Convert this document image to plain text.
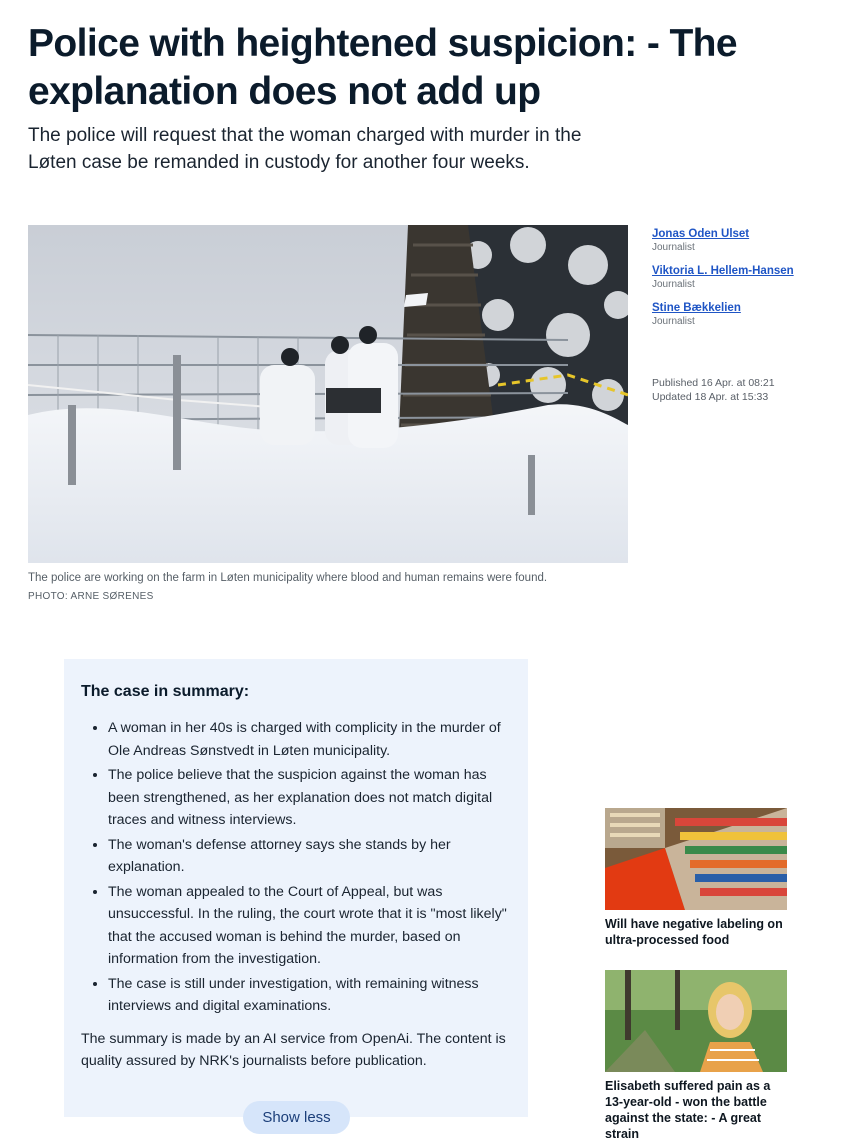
Police with heightened suspicion: - The explanation does not add up

The police will request that the woman charged with murder in the Løten case be remanded in custody for another four weeks.

The police are working on the farm in Løten municipality where blood and human remains were found.
PHOTO: ARNE SØRENES
Jonas Oden Ulset
Journalist
Viktoria L. Hellem-Hansen
Journalist
Stine Bækkelien
Journalist
Published 16 Apr. at 08:21
Updated 18 Apr. at 15:33
The case in summary:
• A woman in her 40s is charged with complicity in the murder of Ole Andreas Sønstvedt in Løten municipality.
• The police believe that the suspicion against the woman has been strengthened, as her explanation does not match digital traces and witness interviews.
• The woman's defense attorney says she stands by her explanation.
• The woman appealed to the Court of Appeal, but was unsuccessful. In the ruling, the court wrote that it is "most likely" that the accused woman is behind the murder, based on information from the investigation.
• The case is still under investigation, with remaining witness interviews and digital examinations.

The summary is made by an AI service from OpenAi. The content is quality assured by NRK's journalists before publication.

Show less
Will have negative labeling on ultra-processed food
Elisabeth suffered pain as a 13-year-old - won the battle against the state: - A great strain
